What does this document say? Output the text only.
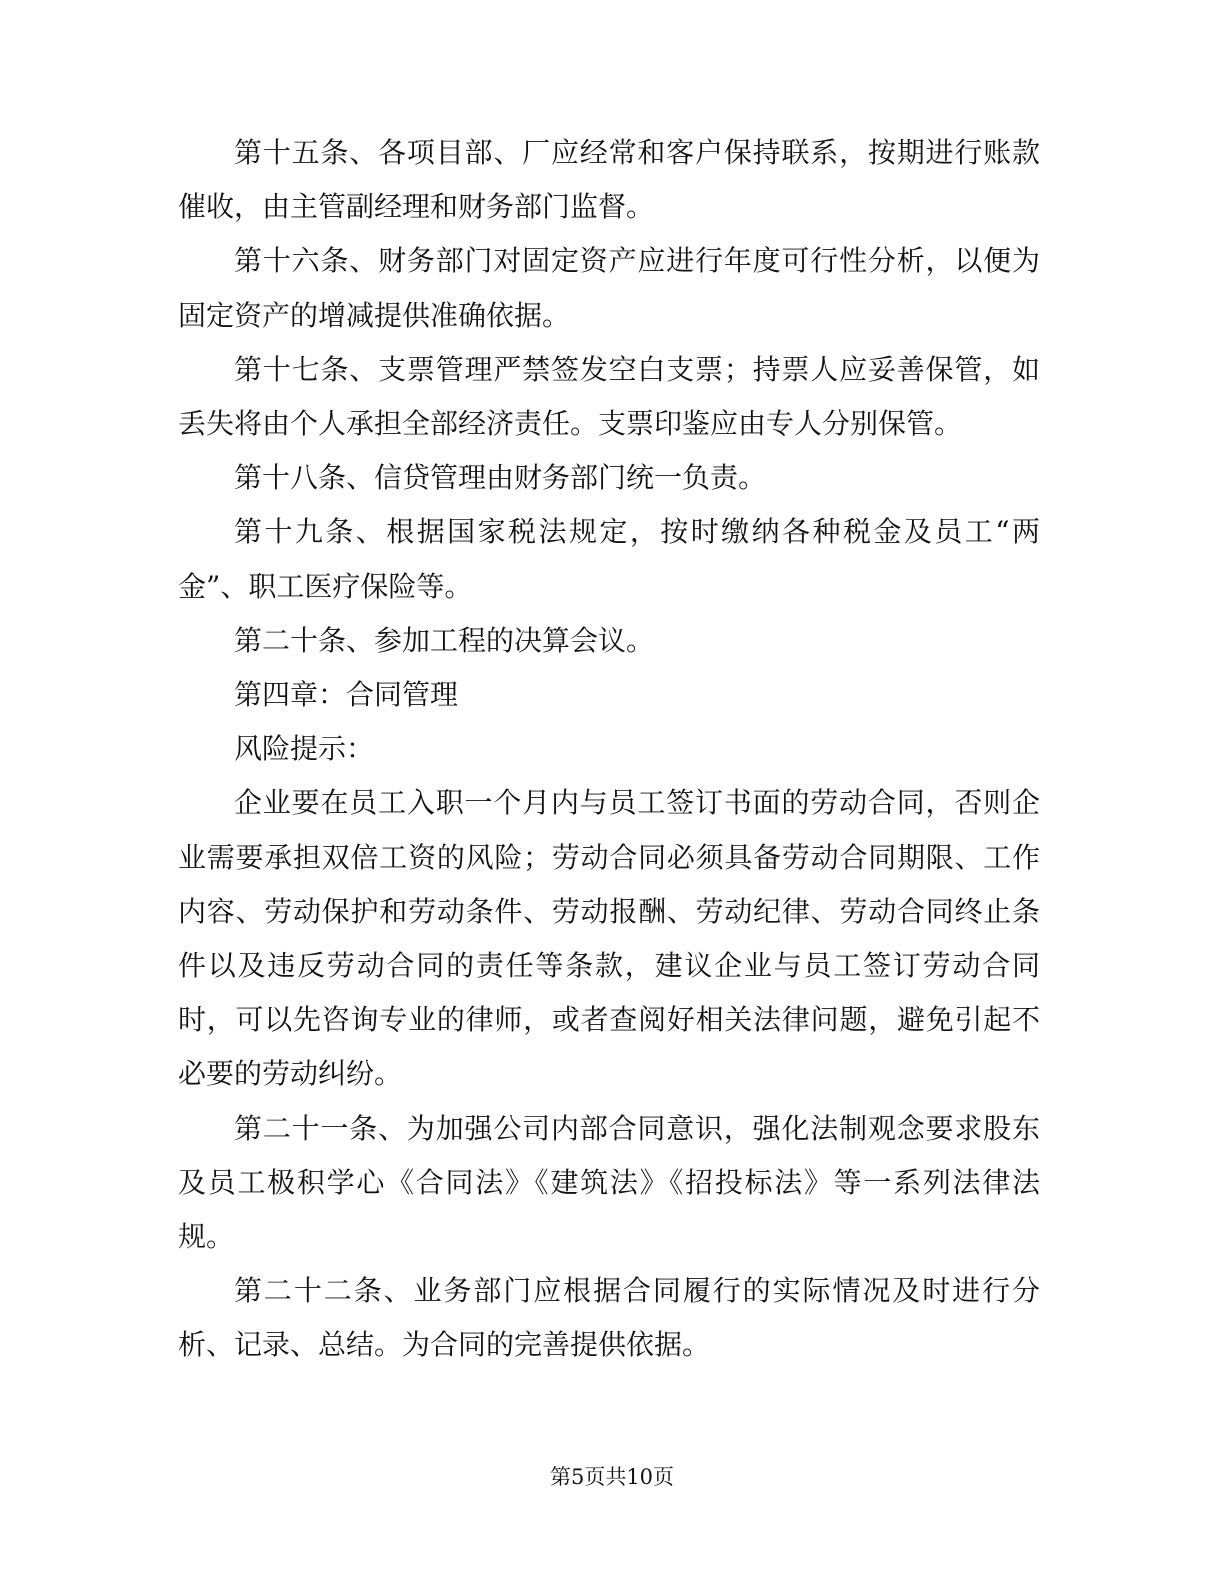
第十五条、各项目部、厂应经常和客户保持联系，按期进行账款催收，由主管副经理和财务部门监督。

第十六条、财务部门对固定资产应进行年度可行性分析，以便为固定资产的增减提供准确依据。

第十七条、支票管理严禁签发空白支票；持票人应妥善保管，如丢失将由个人承担全部经济责任。支票印鉴应由专人分别保管。

第十八条、信贷管理由财务部门统一负责。

第十九条、根据国家税法规定，按时缴纳各种税金及员工“两金”、职工医疗保险等。

第二十条、参加工程的决算会议。

第四章：合同管理

风险提示：

企业要在员工入职一个月内与员工签订书面的劳动合同，否则企业需要承担双倍工资的风险；劳动合同必须具备劳动合同期限、工作内容、劳动保护和劳动条件、劳动报酬、劳动纪律、劳动合同终止条件以及违反劳动合同的责任等条款，建议企业与员工签订劳动合同时，可以先咨询专业的律师，或者查阅好相关法律问题，避免引起不必要的劳动纠纷。

第二十一条、为加强公司内部合同意识，强化法制观念要求股东及员工极积学心《合同法》《建筑法》《招投标法》等一系列法律法规。

第二十二条、业务部门应根据合同履行的实际情况及时进行分析、记录、总结。为合同的完善提供依据。

第5页共10页
